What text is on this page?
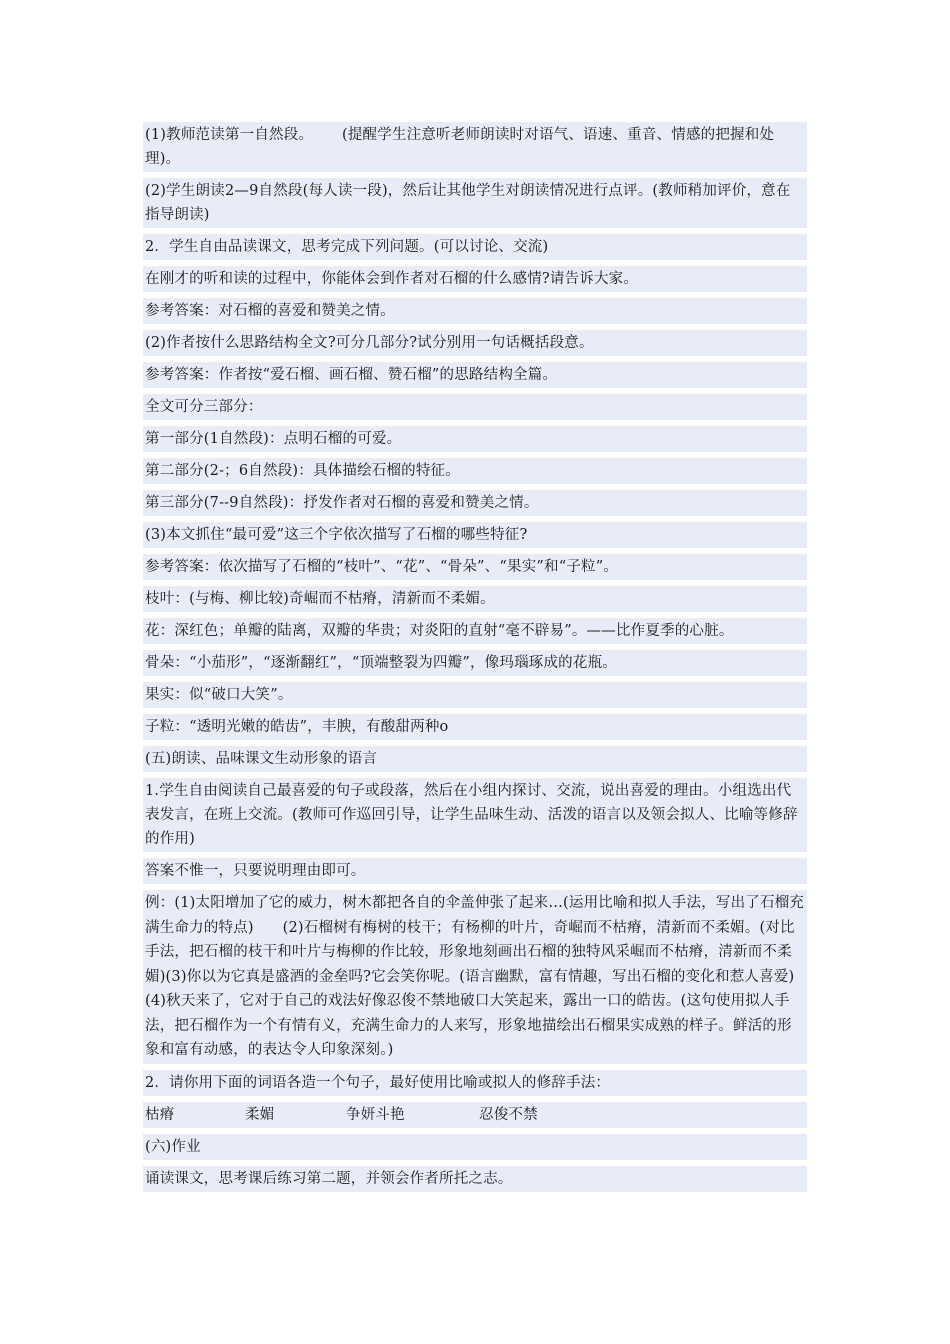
(1)教师范读第一自然段。      (提醒学生注意听老师朗读时对语气、语速、重音、情感的把握和处理)。

(2)学生朗读2—9自然段(每人读一段)，然后让其他学生对朗读情况进行点评。(教师稍加评价，意在指导朗读)

2．学生自由品读课文，思考完成下列问题。(可以讨论、交流)

在刚才的听和读的过程中，你能体会到作者对石榴的什么感情?请告诉大家。

参考答案：对石榴的喜爱和赞美之情。

(2)作者按什么思路结构全文?可分几部分?试分别用一句话概括段意。

参考答案：作者按“爱石榴、画石榴、赞石榴”的思路结构全篇。

全文可分三部分：

第一部分(1自然段)：点明石榴的可爱。

第二部分(2-；6自然段)：具体描绘石榴的特征。

第三部分(7--9自然段)：抒发作者对石榴的喜爱和赞美之情。

(3)本文抓住“最可爱”这三个字依次描写了石榴的哪些特征?

参考答案：依次描写了石榴的“枝叶”、“花”、“骨朵”、“果实”和“子粒”。

枝叶：(与梅、柳比较)奇崛而不枯瘠，清新而不柔媚。

花：深红色；单瓣的陆离，双瓣的华贵；对炎阳的直射“毫不辟易”。——比作夏季的心脏。

骨朵：“小茄形”，“逐渐翻红”，“顶端整裂为四瓣”，像玛瑙琢成的花瓶。

果实：似“破口大笑”。

子粒：“透明光嫩的皓齿”，丰腴，有酸甜两种o

(五)朗读、品味课文生动形象的语言

1.学生自由阅读自己最喜爱的句子或段落，然后在小组内探讨、交流，说出喜爱的理由。小组选出代表发言，在班上交流。(教师可作巡回引导，让学生品味生动、活泼的语言以及领会拟人、比喻等修辞的作用)

答案不惟一，只要说明理由即可。

例：(1)太阳增加了它的威力，树木都把各自的伞盖伸张了起来…(运用比喻和拟人手法，写出了石榴充满生命力的特点)      (2)石榴树有梅树的枝干；有杨柳的叶片，奇崛而不枯瘠，清新而不柔媚。(对比手法，把石榴的枝干和叶片与梅柳的作比较，形象地刻画出石榴的独特风采崛而不枯瘠，清新而不柔媚)(3)你以为它真是盛酒的金垒吗?它会笑你呢。(语言幽默，富有情趣，写出石榴的变化和惹人喜爱)(4)秋天来了，它对于自己的戏法好像忍俊不禁地破口大笑起来，露出一口的皓齿。(这句使用拟人手法，把石榴作为一个有情有义，充满生命力的人来写，形象地描绘出石榴果实成熟的样子。鲜活的形象和富有动感，的表达令人印象深刻。)

2．请你用下面的词语各造一个句子，最好使用比喻或拟人的修辞手法：

枯瘠	柔媚	争妍斗艳	忍俊不禁

(六)作业

诵读课文，思考课后练习第二题，并领会作者所托之志。
